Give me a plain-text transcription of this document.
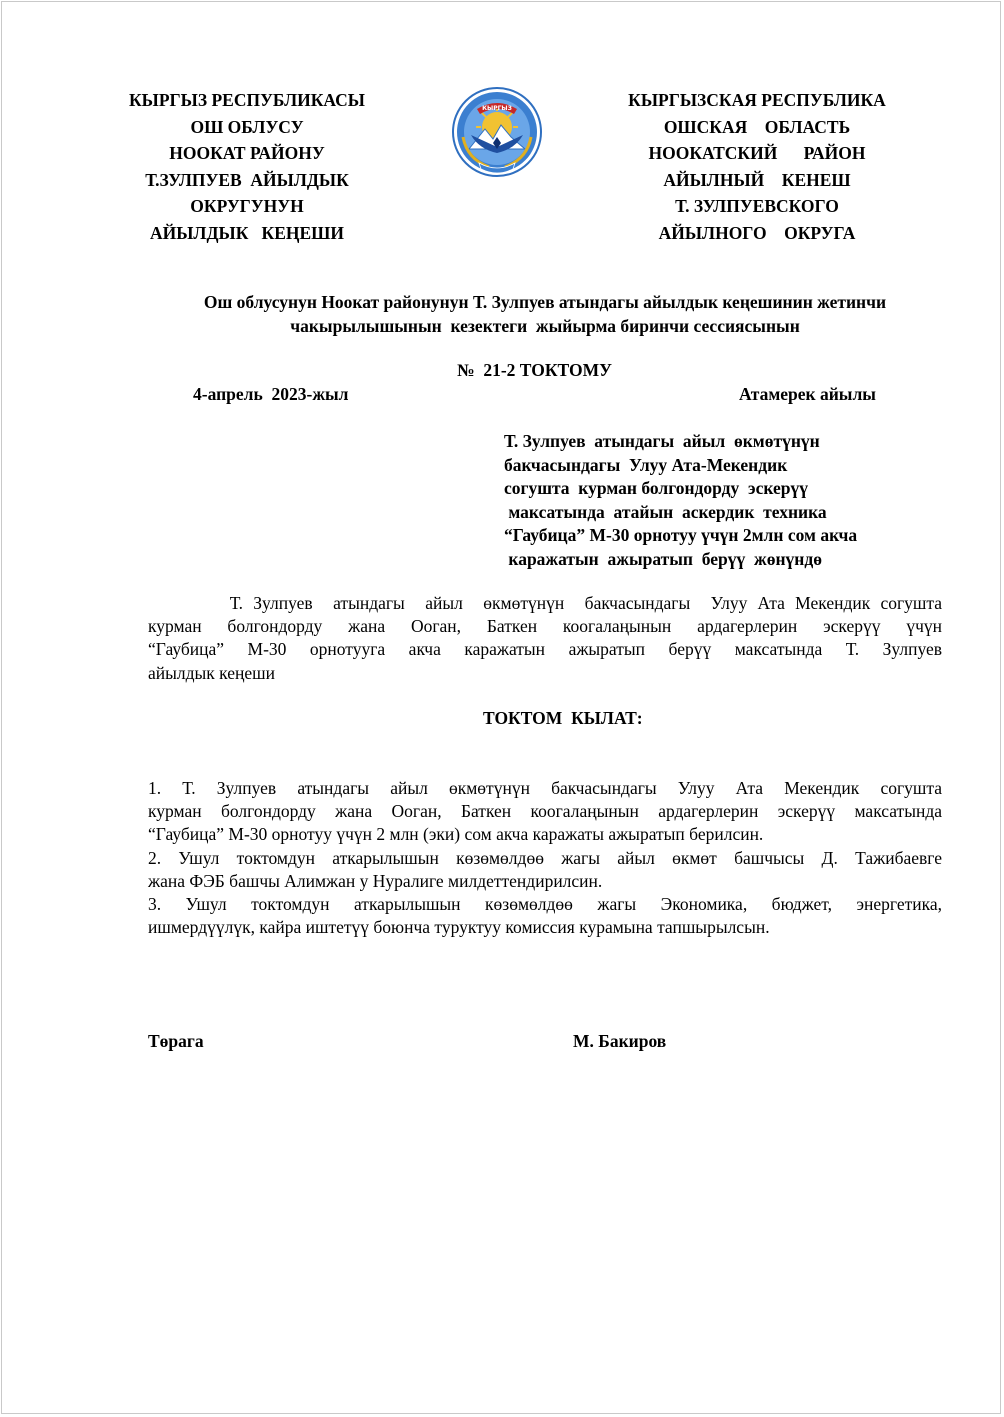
КЫРГЫЗ РЕСПУБЛИКАСЫ
ОШ ОБЛУСУ
НООКАТ РАЙОНУ
Т.ЗУЛПУЕВ  АЙЫЛДЫК
ОКРУГУНУН
АЙЫЛДЫК   КЕҢЕШИ
КЫРГЫЗ	КЫРГЫЗСКАЯ РЕСПУБЛИКА
ОШСКАЯ    ОБЛАСТЬ
НООКАТСКИЙ      РАЙОН
АЙЫЛНЫЙ    КЕНЕШ
Т. ЗУЛПУЕВСКОГО
АЙЫЛНОГО    ОКРУГА
Ош облусунун Ноокат районунун Т. Зулпуев атындагы айылдык кеңешинин жетинчи
чакырылышынын  кезектеги  жыйырма биринчи сессиясынын
№  21-2 ТОКТОМУ
4-апрель  2023-жыл	Атамерек айылы
Т. Зулпуев  атындагы  айыл  өкмөтүнүн
бакчасындагы  Улуу Ата-Мекендик
согушта  курман болгондорду  эскерүү
максатында  атайын  аскердик  техника
“Гаубица” М-30 орнотуу үчүн 2млн сом акча
каражатын  ажыратып  берүү  жөнүндө
Т. Зулпуев  атындагы  айыл  өкмөтүнүн  бакчасындагы  Улуу Ата Мекендик согушта
курман болгондорду жана Ооган, Баткен коогалаңынын ардагерлерин эскерүү үчүн
“Гаубица” М-30 орнотууга акча каражатын ажыратып берүү максатында Т. Зулпуев
айылдык кеңеши
ТОКТОМ  КЫЛАТ:
1. Т. Зулпуев атындагы айыл өкмөтүнүн бакчасындагы Улуу Ата Мекендик согушта
курман болгондорду жана Ооган, Баткен коогалаңынын ардагерлерин эскерүү максатында
“Гаубица” М-30 орнотуу үчүн 2 млн (эки) сом акча каражаты ажыратып берилсин.
2. Ушул токтомдун аткарылышын көзөмөлдөө жагы айыл өкмөт башчысы Д. Тажибаевге
жана ФЭБ башчы Алимжан у Нуралиге милдеттендирилсин.
3. Ушул токтомдун аткарылышын көзөмөлдөө жагы Экономика, бюджет, энергетика,
ишмердүүлүк, кайра иштетүү боюнча туруктуу комиссия курамына тапшырылсын.
Төрага	М. Бакиров
